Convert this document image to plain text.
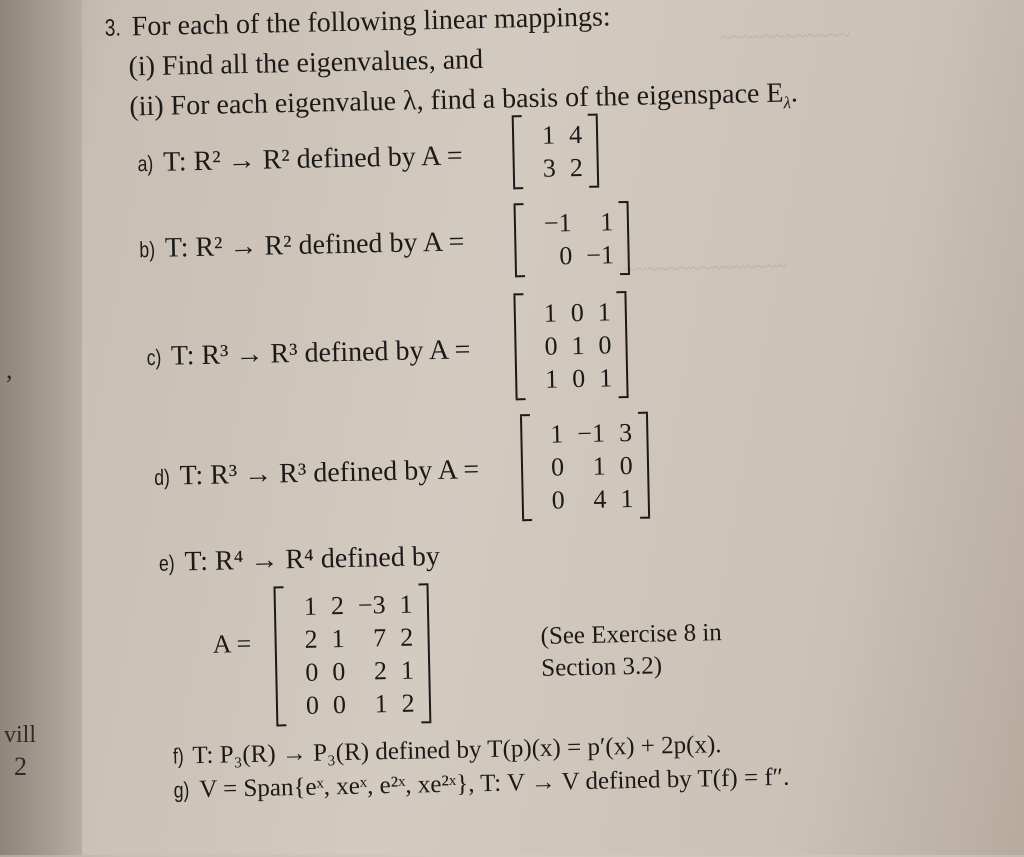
,
vill
2
~~~~~~~~~~~~
~~~~~~~~~~~~~~~
3. For each of the following linear mappings:
(i) Find all the eigenvalues, and
(ii) For each eigenvalue λ, find a basis of the eigenspace $E_\lambda$.
a) T: R² → R² defined by A =
1 4
3 2
b) T: R² → R² defined by A =
−1	1
0 −1
c) T: R³ → R³ defined by A =
1 0 1
0 1 0
1 0 1
d) T: R³ → R³ defined by A =
1 −1 3
0	1 0
0	4 1
e) T: R⁴ → R⁴ defined by
A =
1 2 −3 1
2 1	7 2
0 0	2 1
0 0	1 2
(See Exercise 8 in
Section 3.2)
f) T: P₃(R) → P₃(R) defined by T(p)(x) = p′(x) + 2p(x).
g) V = Span{eˣ, xeˣ, e²ˣ, xe²ˣ}, T: V → V defined by T(f) = f″.
